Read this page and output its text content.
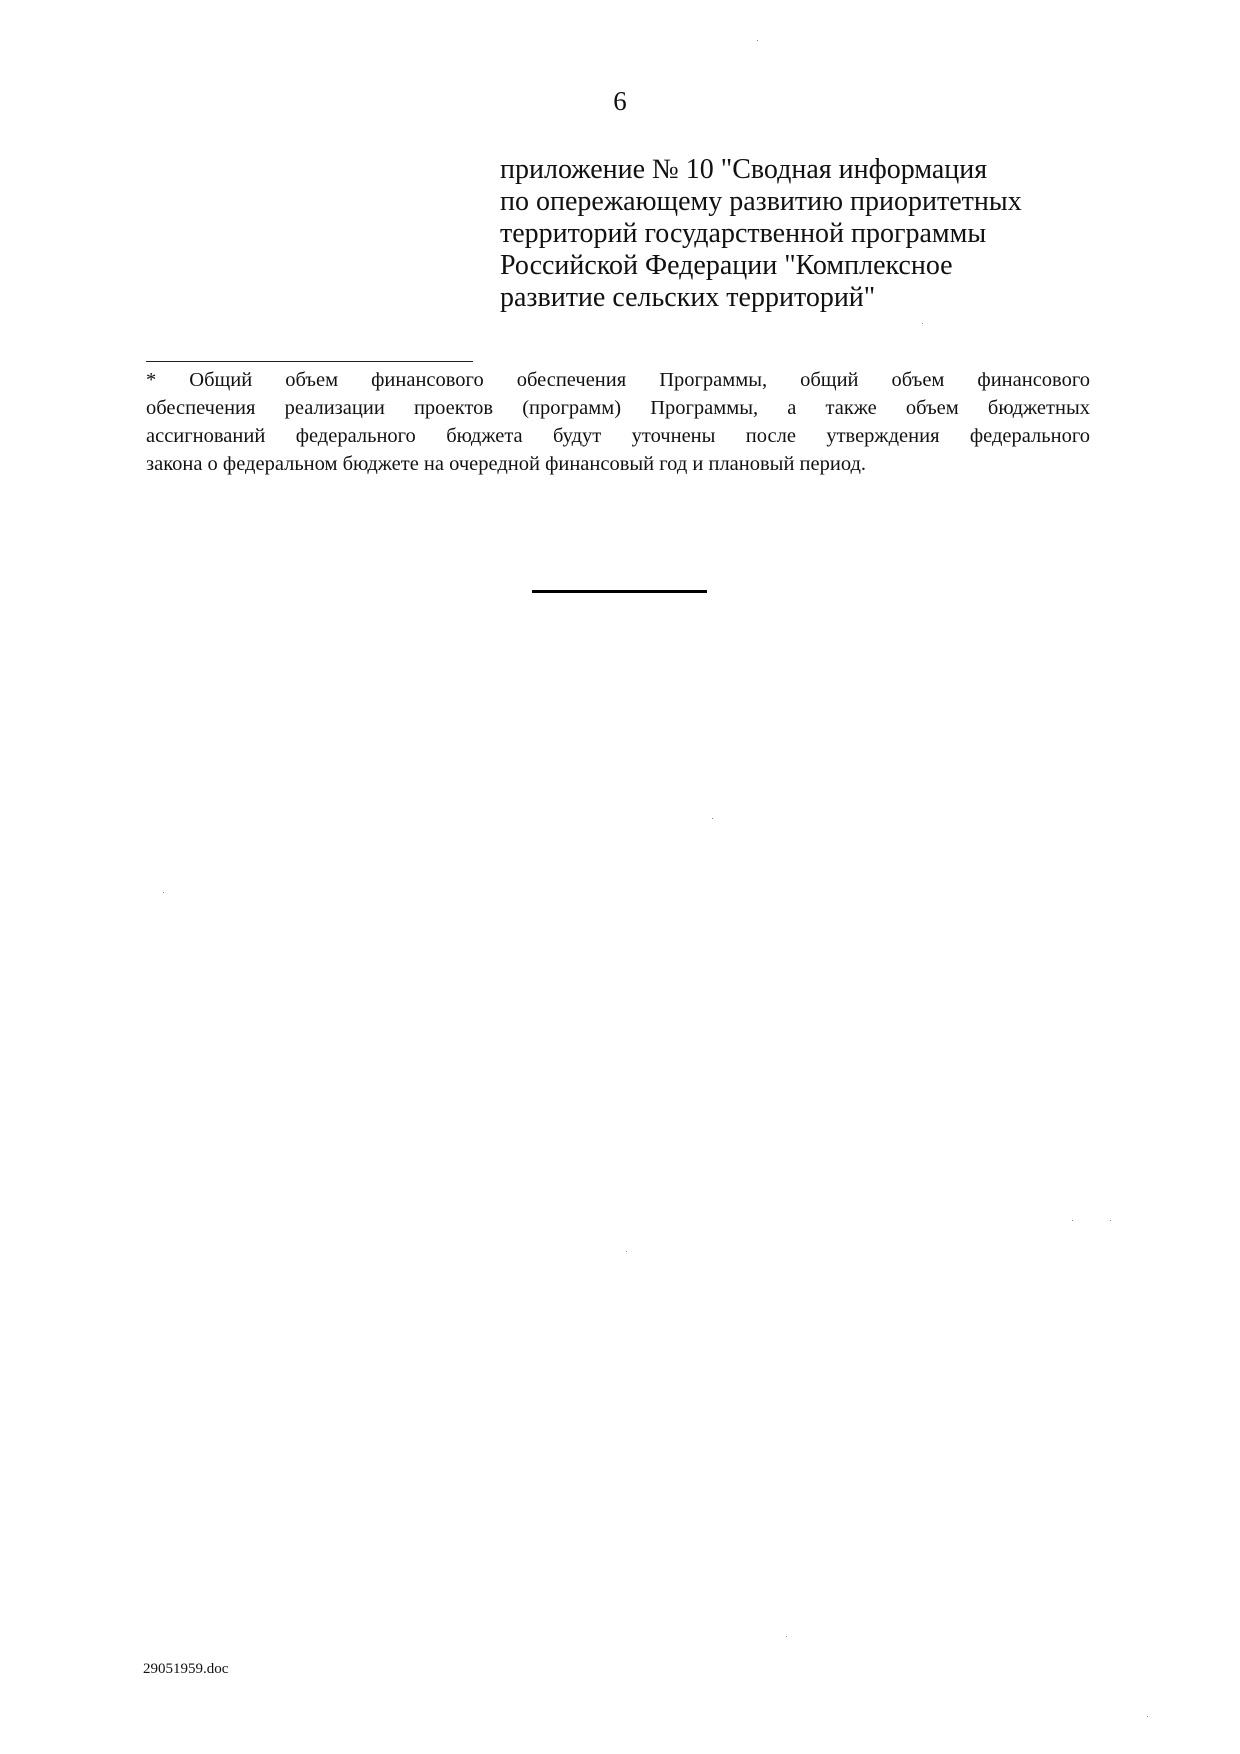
6
приложение № 10 "Сводная информация
по опережающему развитию приоритетных
территорий государственной программы
Российской Федерации "Комплексное
развитие сельских территорий"
* Общий объем финансового обеспечения Программы, общий объем финансового
обеспечения реализации проектов (программ) Программы, а также объем бюджетных
ассигнований федерального бюджета будут уточнены после утверждения федерального
закона о федеральном бюджете на очередной финансовый год и плановый период.
29051959.doc
